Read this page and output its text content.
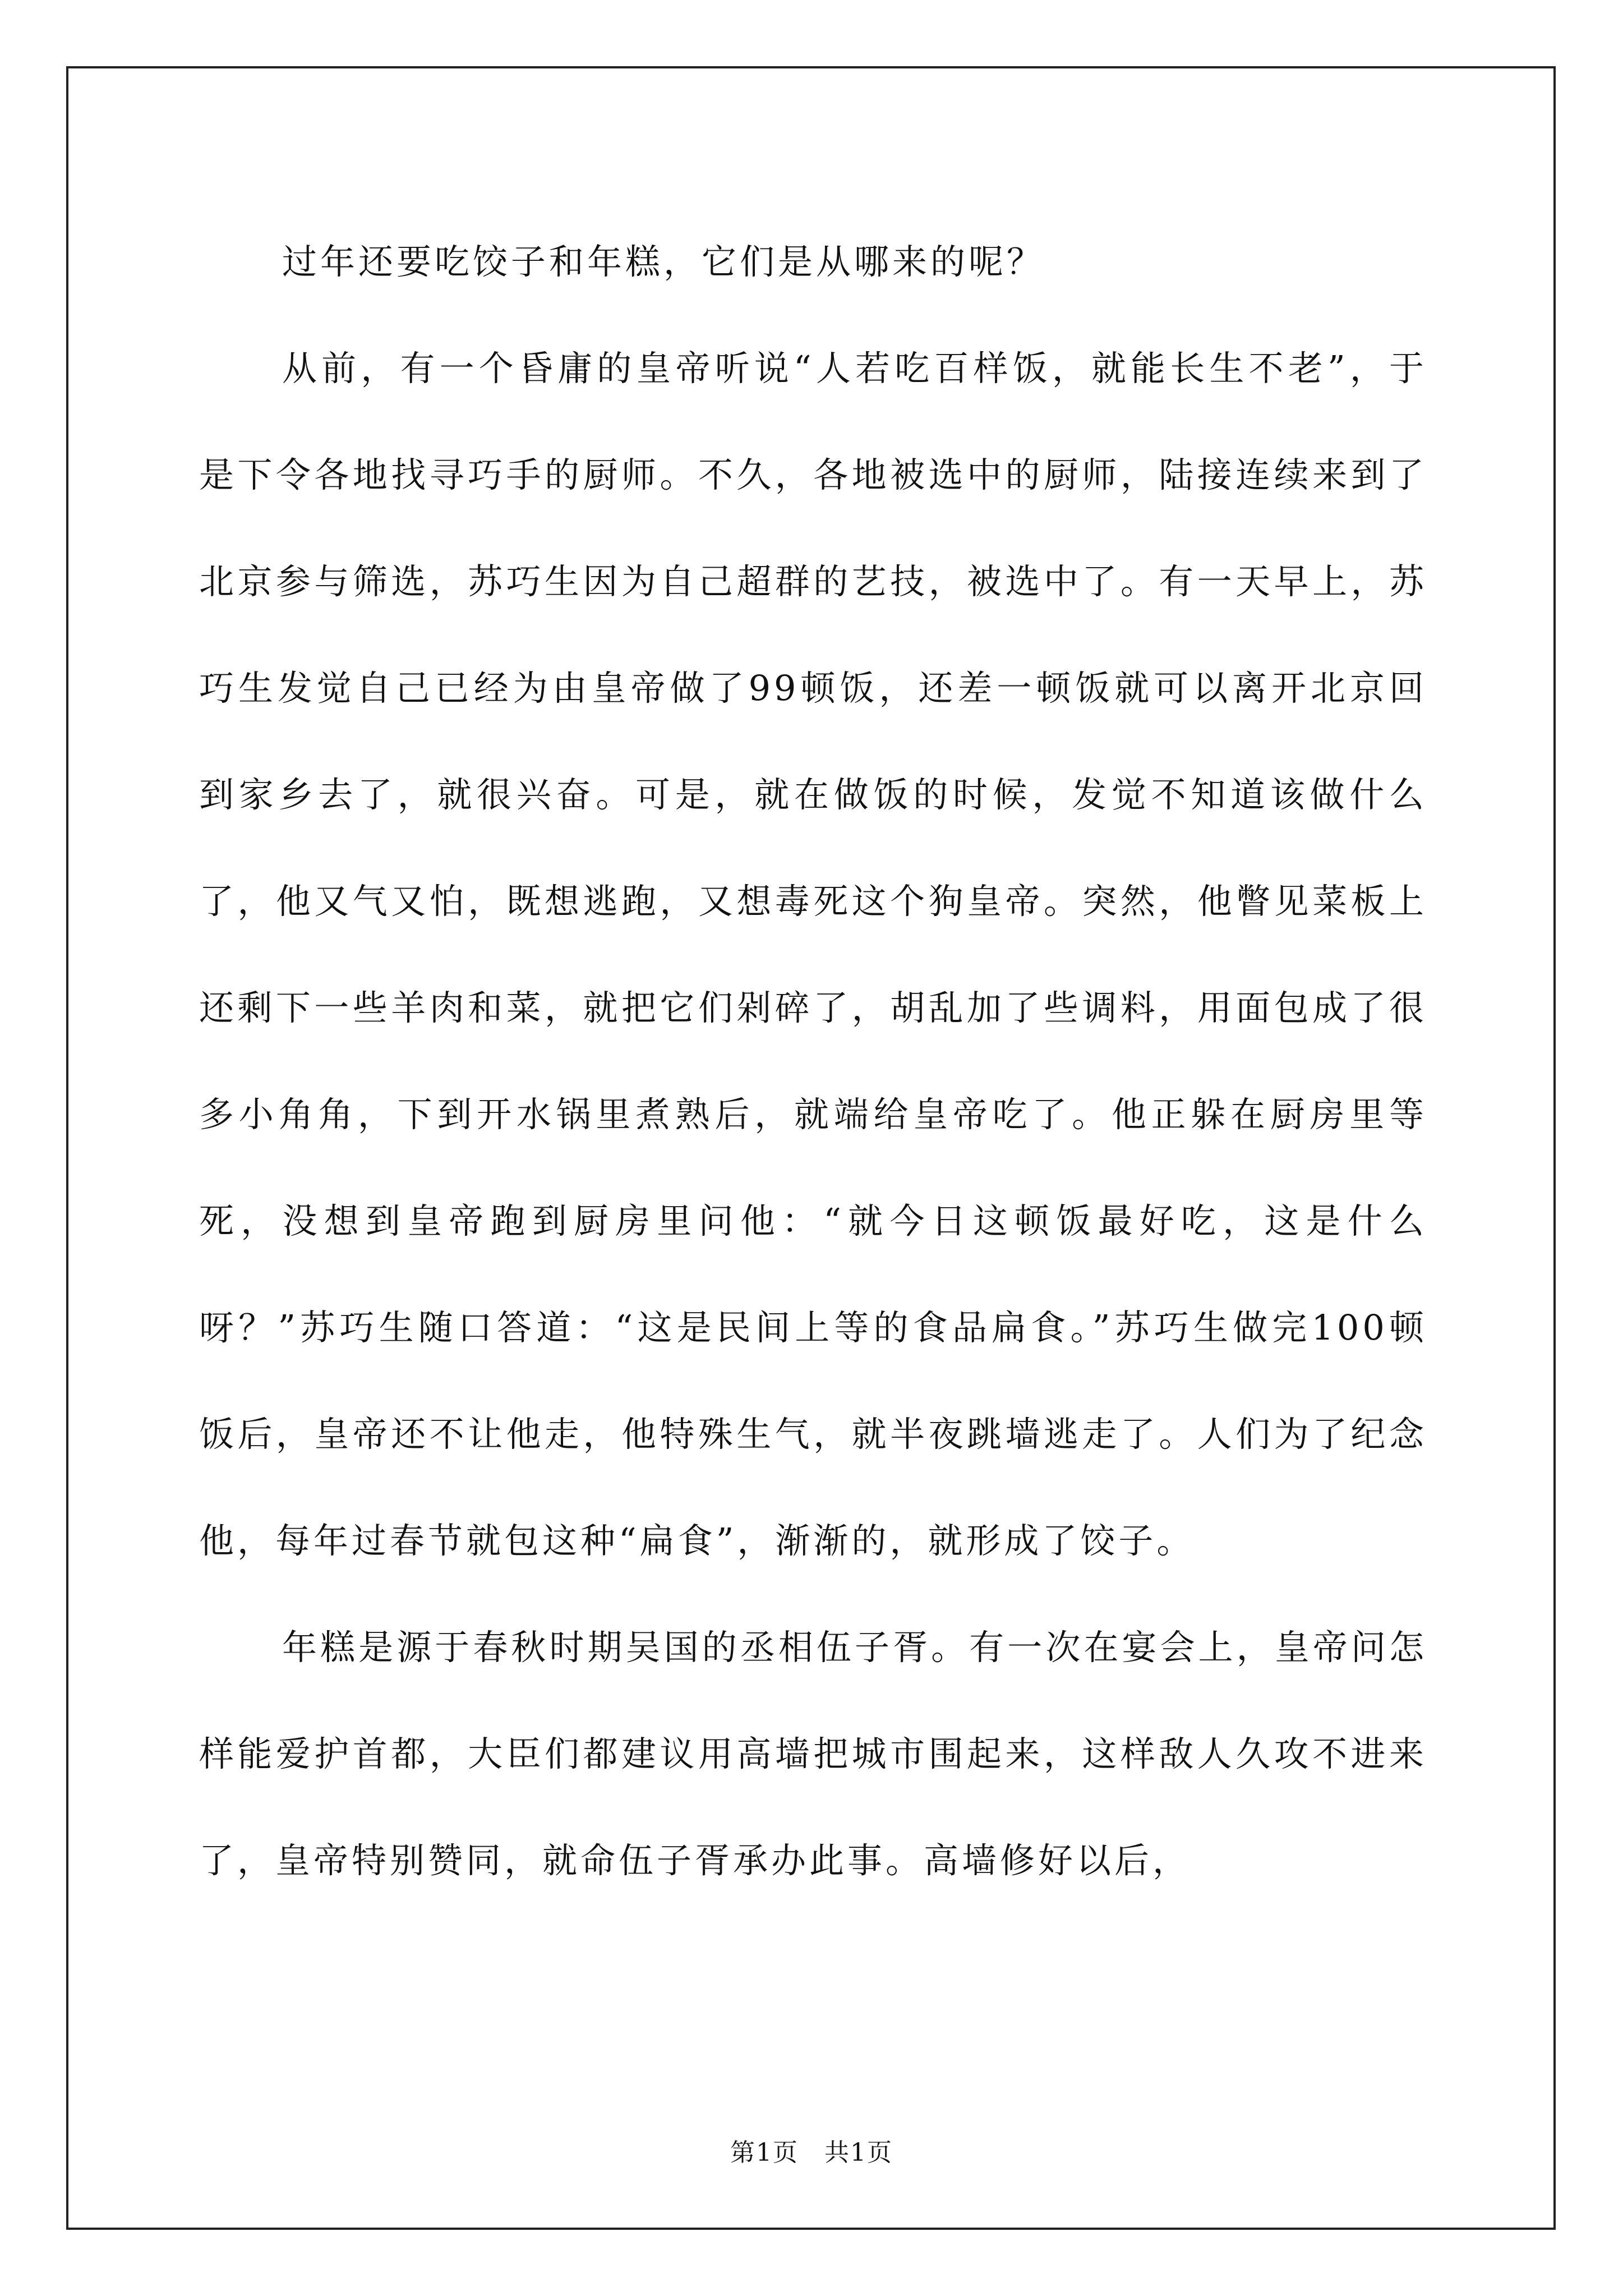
过年还要吃饺子和年糕，它们是从哪来的呢？

从前，有一个昏庸的皇帝听说“人若吃百样饭，就能长生不老”，于是下令各地找寻巧手的厨师。不久，各地被选中的厨师，陆接连续来到了北京参与筛选，苏巧生因为自己超群的艺技，被选中了。有一天早上，苏巧生发觉自己已经为由皇帝做了99顿饭，还差一顿饭就可以离开北京回到家乡去了，就很兴奋。可是，就在做饭的时候，发觉不知道该做什么了，他又气又怕，既想逃跑，又想毒死这个狗皇帝。突然，他瞥见菜板上还剩下一些羊肉和菜，就把它们剁碎了，胡乱加了些调料，用面包成了很多小角角，下到开水锅里煮熟后，就端给皇帝吃了。他正躲在厨房里等死，没想到皇帝跑到厨房里问他：“就今日这顿饭最好吃，这是什么呀？”苏巧生随口答道：“这是民间上等的食品扁食。”苏巧生做完100顿饭后，皇帝还不让他走，他特殊生气，就半夜跳墙逃走了。人们为了纪念他，每年过春节就包这种“扁食”，渐渐的，就形成了饺子。

年糕是源于春秋时期吴国的丞相伍子胥。有一次在宴会上，皇帝问怎样能爱护首都，大臣们都建议用高墙把城市围起来，这样敌人久攻不进来了，皇帝特别赞同，就命伍子胥承办此事。高墙修好以后，

第1页　共1页
